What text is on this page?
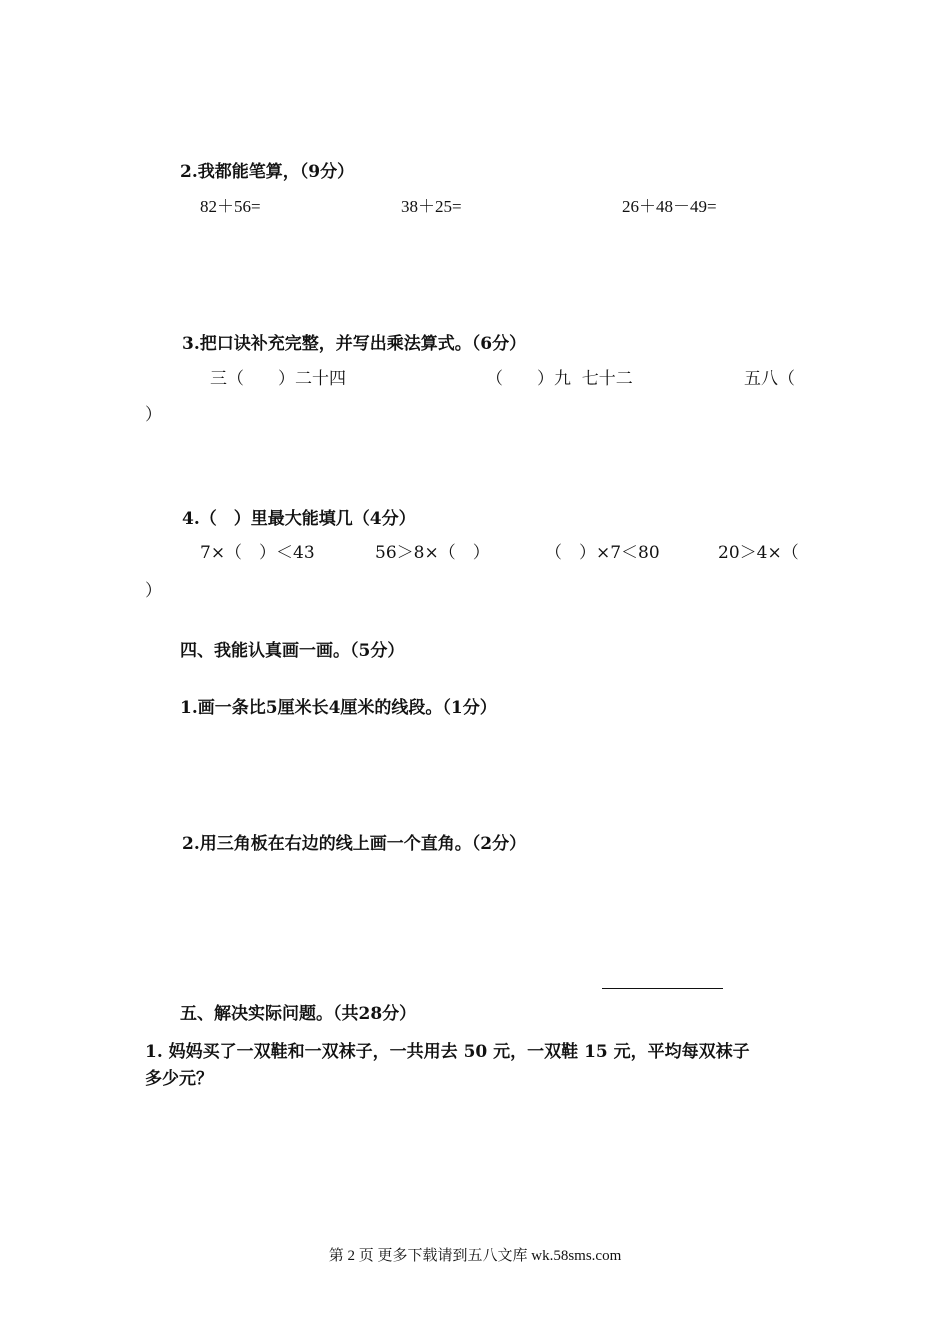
2.我都能笔算，（9分）
82＋56=	38＋25=	26＋48－49=
3.把口诀补充完整，并写出乘法算式。（6分）
三（　　）二十四	（　　）九  七十二	五八（
）
4.（　）里最大能填几（4分）
7×（　）＜43	56＞8×（　）	（　）×7＜80	20＞4×（
）
四、我能认真画一画。（5分）
1.画一条比5厘米长4厘米的线段。（1分）
2.用三角板在右边的线上画一个直角。（2分）
五、解决实际问题。（共28分）
1. 妈妈买了一双鞋和一双袜子，一共用去 50 元，一双鞋 15 元，平均每双袜子
多少元？
第 2 页 更多下载请到五八文库 wk.58sms.com
